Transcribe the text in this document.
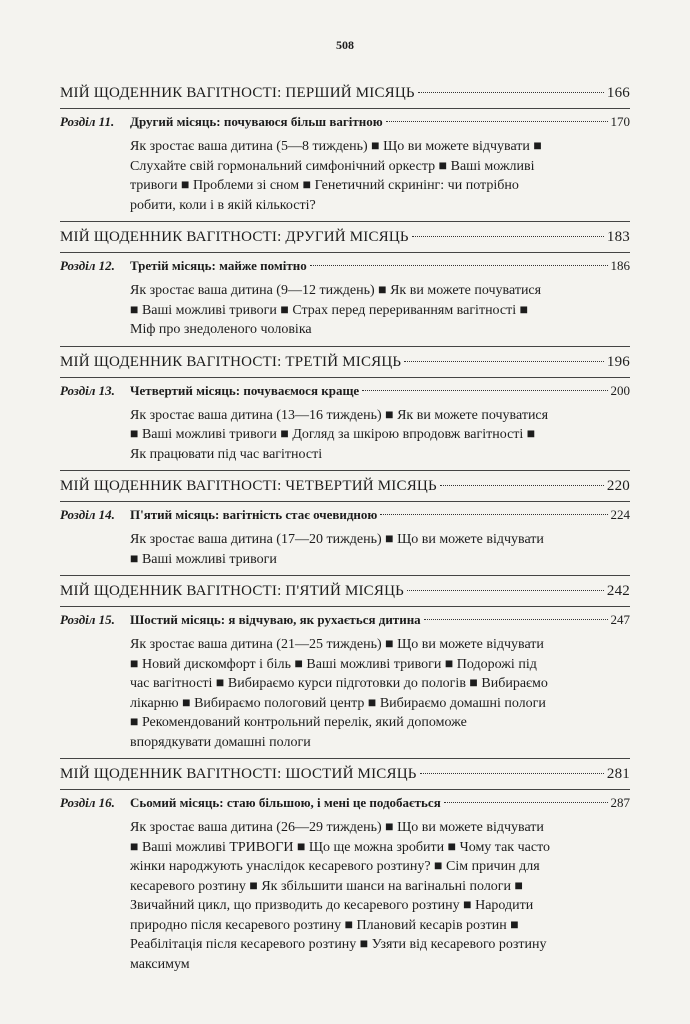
508
МІЙ ЩОДЕННИК ВАГІТНОСТІ: ПЕРШИЙ МІСЯЦЬ	166
Розділ 11.	Другий місяць: почуваюся більш вагітною	170
Як зростає ваша дитина (5—8 тиждень) ■ Що ви можете відчувати ■ Слухайте свій гормональний симфонічний оркестр ■ Ваші можливі тривоги ■ Проблеми зі сном ■ Генетичний скринінг: чи потрібно робити, коли і в якій кількості?
МІЙ ЩОДЕННИК ВАГІТНОСТІ: ДРУГИЙ МІСЯЦЬ	183
Розділ 12.	Третій місяць: майже помітно	186
Як зростає ваша дитина (9—12 тиждень) ■ Як ви можете почуватися ■ Ваші можливі тривоги ■ Страх перед перериванням вагітності ■ Міф про знедоленого чоловіка
МІЙ ЩОДЕННИК ВАГІТНОСТІ: ТРЕТІЙ МІСЯЦЬ	196
Розділ 13.	Четвертий місяць: почуваємося краще	200
Як зростає ваша дитина (13—16 тиждень) ■ Як ви можете почуватися ■ Ваші можливі тривоги ■ Догляд за шкірою впродовж вагітності ■ Як працювати під час вагітності
МІЙ ЩОДЕННИК ВАГІТНОСТІ: ЧЕТВЕРТИЙ МІСЯЦЬ	220
Розділ 14.	П'ятий місяць: вагітність стає очевидною	224
Як зростає ваша дитина (17—20 тиждень) ■ Що ви можете відчувати ■ Ваші можливі тривоги
МІЙ ЩОДЕННИК ВАГІТНОСТІ: П'ЯТИЙ МІСЯЦЬ	242
Розділ 15.	Шостий місяць: я відчуваю, як рухається дитина	247
Як зростає ваша дитина (21—25 тиждень) ■ Що ви можете відчувати ■ Новий дискомфорт і біль ■ Ваші можливі тривоги ■ Подорожі під час вагітності ■ Вибираємо курси підготовки до пологів ■ Вибираємо лікарню ■ Вибираємо пологовий центр ■ Вибираємо домашні пологи ■ Рекомендований контрольний перелік, який допоможе впорядкувати домашні пологи
МІЙ ЩОДЕННИК ВАГІТНОСТІ: ШОСТИЙ МІСЯЦЬ	281
Розділ 16.	Сьомий місяць: стаю більшою, і мені це подобається	287
Як зростає ваша дитина (26—29 тиждень) ■ Що ви можете відчувати ■ Ваші можливі ТРИВОГИ ■ Що ще можна зробити ■ Чому так часто жінки народжують унаслідок кесаревого розтину? ■ Сім причин для кесаревого розтину ■ Як збільшити шанси на вагінальні пологи ■ Звичайний цикл, що призводить до кесаревого розтину ■ Народити природно після кесаревого розтину ■ Плановий кесарів розтин ■ Реабілітація після кесаревого розтину ■ Узяти від кесаревого розтину максимум
